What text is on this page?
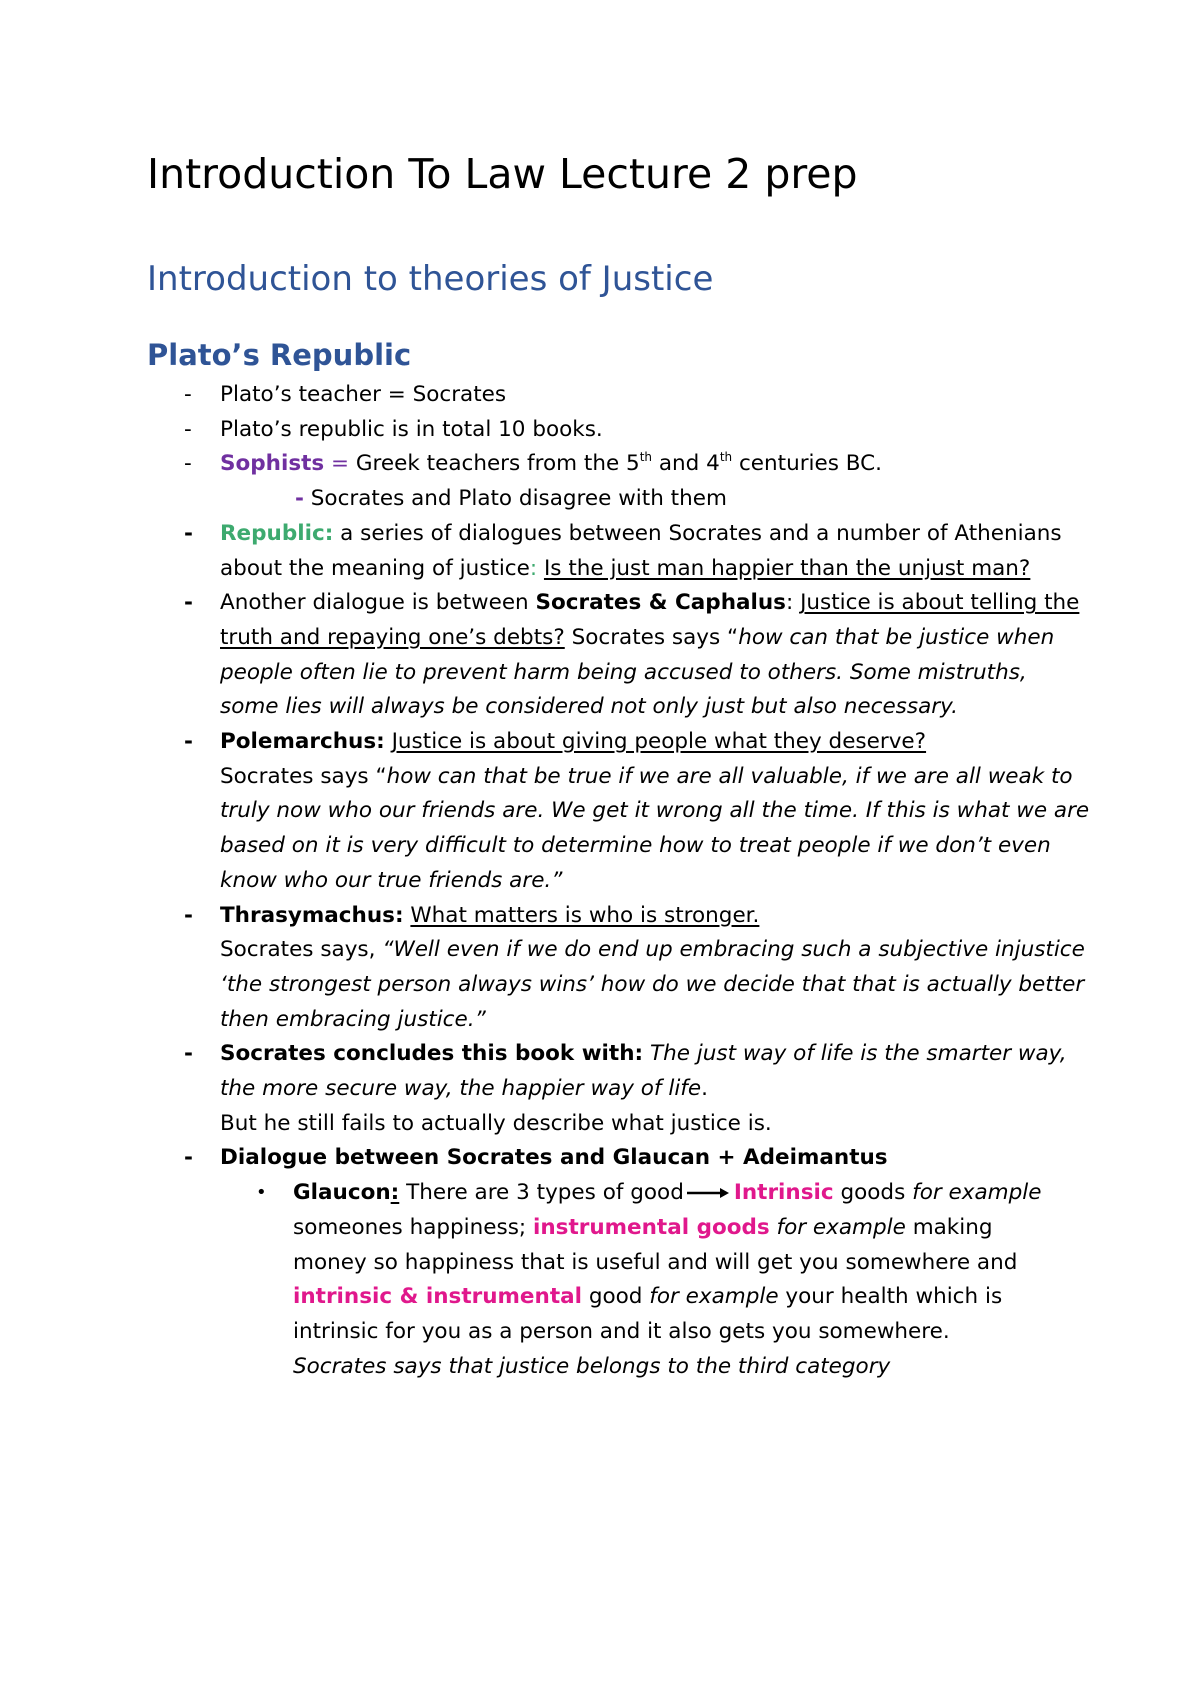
Introduction To Law Lecture 2 prep
Introduction to theories of Justice
Plato’s Republic
- Plato’s teacher = Socrates
- Plato’s republic is in total 10 books.
- Sophists = Greek teachers from the 5th and 4th centuries BC.
- Socrates and Plato disagree with them
- Republic: a series of dialogues between Socrates and a number of Athenians about the meaning of justice: Is the just man happier than the unjust man?
- Another dialogue is between Socrates & Caphalus: Justice is about telling the truth and repaying one’s debts? Socrates says “how can that be justice when people often lie to prevent harm being accused to others. Some mistruths, some lies will always be considered not only just but also necessary.
- Polemarchus: Justice is about giving people what they deserve?
Socrates says “how can that be true if we are all valuable, if we are all weak to truly now who our friends are. We get it wrong all the time. If this is what we are based on it is very difficult to determine how to treat people if we don’t even know who our true friends are.”
- Thrasymachus: What matters is who is stronger.
Socrates says, “Well even if we do end up embracing such a subjective injustice ‘the strongest person always wins’ how do we decide that that is actually better then embracing justice.”
- Socrates concludes this book with: The just way of life is the smarter way, the more secure way, the happier way of life.
But he still fails to actually describe what justice is.
- Dialogue between Socrates and Glaucan + Adeimantus
• Glaucon: There are 3 types of good Intrinsic goods for example someones happiness; instrumental goods for example making money so happiness that is useful and will get you somewhere and intrinsic & instrumental good for example your health which is intrinsic for you as a person and it also gets you somewhere.
Socrates says that justice belongs to the third category
